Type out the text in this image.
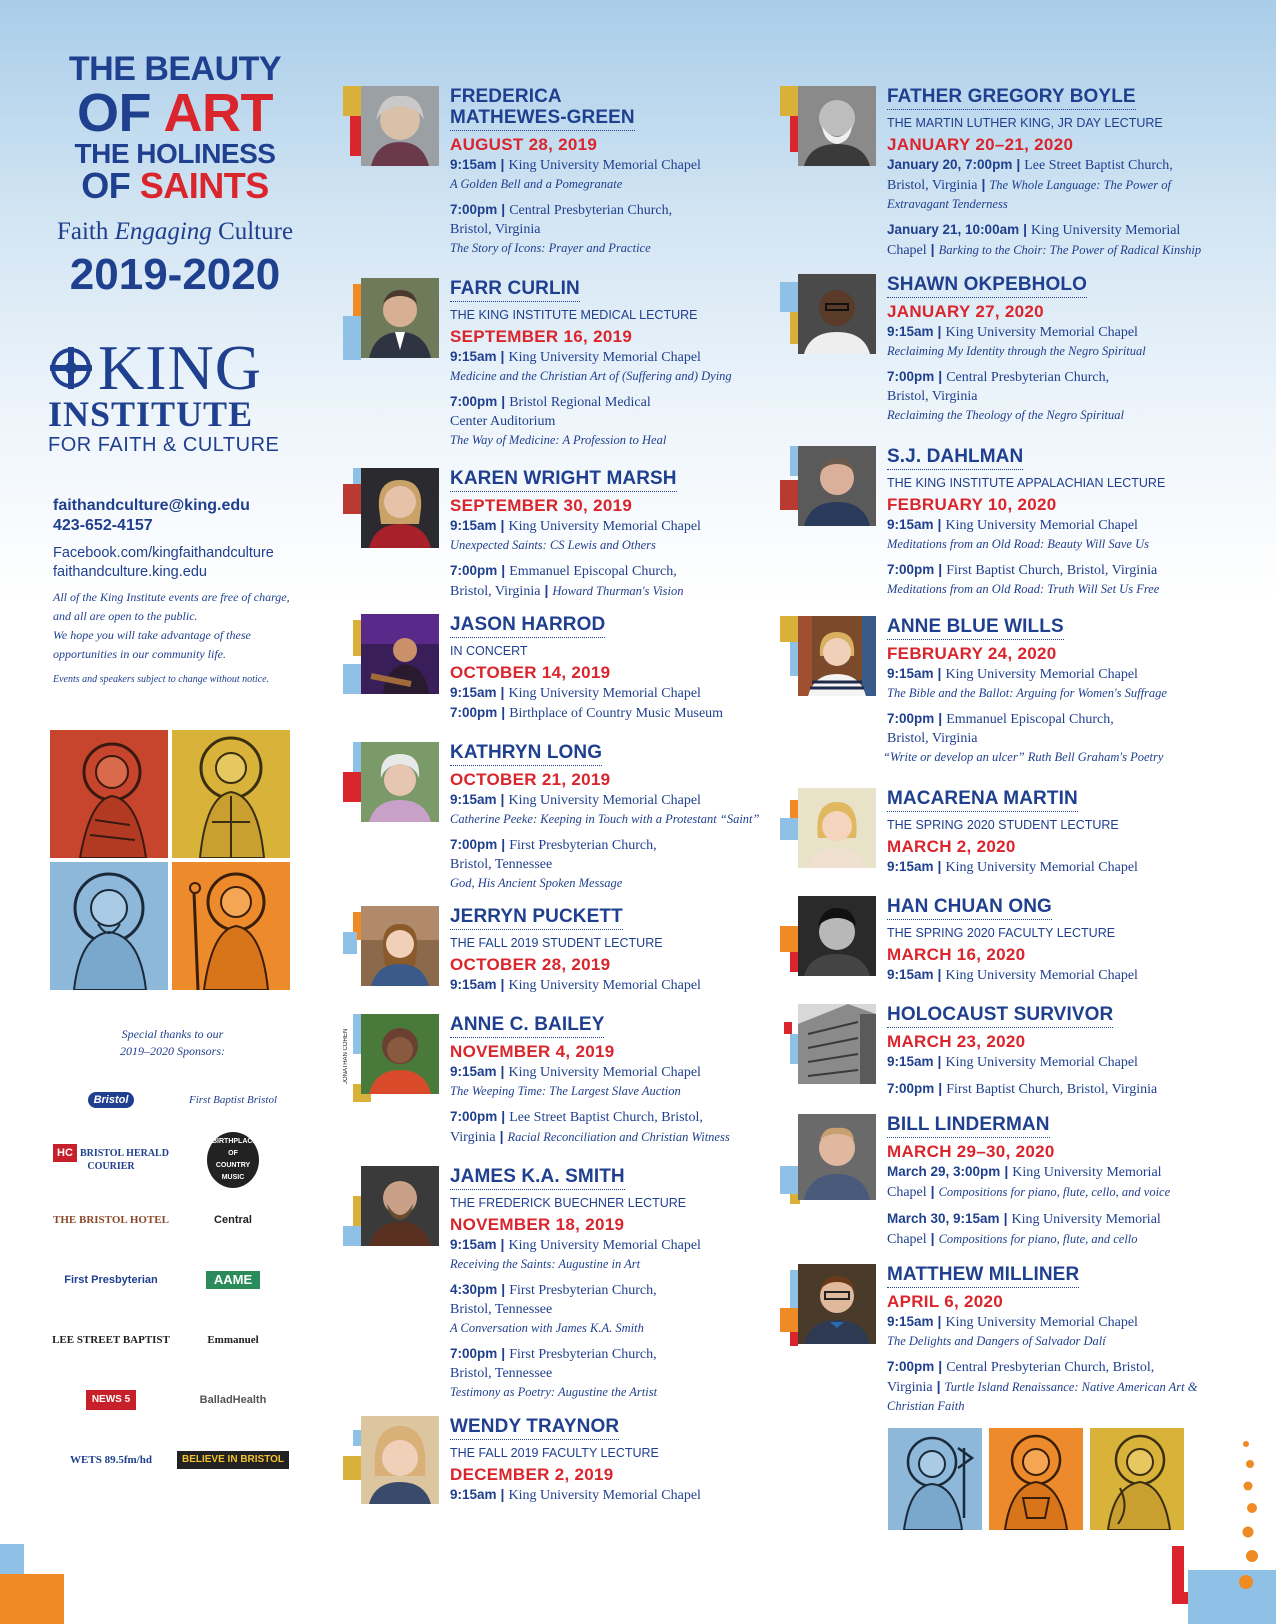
THE BEAUTY
OF ART
THE HOLINESS
OF SAINTS
Faith Engaging Culture
2019-2020
KING
INSTITUTE
FOR FAITH & CULTURE
faithandculture@king.edu
423-652-4157
Facebook.com/kingfaithandculture
faithandculture.king.edu
All of the King Institute events are free of charge,
and all are open to the public.
We hope you will take advantage of these
opportunities in our community life.
Events and speakers subject to change without notice.
Special thanks to our
2019–2020 Sponsors:
Bristol	First Baptist Bristol
HC BRISTOL HERALD COURIER
BIRTHPLACE OF COUNTRY MUSIC
THE BRISTOL HOTEL	Central
First Presbyterian	AAME
LEE STREET BAPTIST	Emmanuel
NEWS 5	BalladHealth
WETS 89.5fm/hd	BELIEVE IN BRISTOL
FREDERICA
MATHEWES-GREEN
AUGUST 28, 2019
9:15am | King University Memorial Chapel
A Golden Bell and a Pomegranate
7:00pm | Central Presbyterian Church,
Bristol, Virginia
The Story of Icons: Prayer and Practice
FARR CURLIN
THE KING INSTITUTE MEDICAL LECTURE
SEPTEMBER 16, 2019
9:15am | King University Memorial Chapel
Medicine and the Christian Art of (Suffering and) Dying
7:00pm | Bristol Regional Medical
Center Auditorium
The Way of Medicine: A Profession to Heal
KAREN WRIGHT MARSH
SEPTEMBER 30, 2019
9:15am | King University Memorial Chapel
Unexpected Saints: CS Lewis and Others
7:00pm | Emmanuel Episcopal Church,
Bristol, Virginia | Howard Thurman's Vision
JASON HARROD
IN CONCERT
OCTOBER 14, 2019
9:15am | King University Memorial Chapel
7:00pm | Birthplace of Country Music Museum
KATHRYN LONG
OCTOBER 21, 2019
9:15am | King University Memorial Chapel
Catherine Peeke: Keeping in Touch with a Protestant “Saint”
7:00pm | First Presbyterian Church,
Bristol, Tennessee
God, His Ancient Spoken Message
JERRYN PUCKETT
THE FALL 2019 STUDENT LECTURE
OCTOBER 28, 2019
9:15am | King University Memorial Chapel
JONATHAN COHEN
ANNE C. BAILEY
NOVEMBER 4, 2019
9:15am | King University Memorial Chapel
The Weeping Time: The Largest Slave Auction
7:00pm | Lee Street Baptist Church, Bristol,
Virginia | Racial Reconciliation and Christian Witness
JAMES K.A. SMITH
THE FREDERICK BUECHNER LECTURE
NOVEMBER 18, 2019
9:15am | King University Memorial Chapel
Receiving the Saints: Augustine in Art
4:30pm | First Presbyterian Church,
Bristol, Tennessee
A Conversation with James K.A. Smith
7:00pm | First Presbyterian Church,
Bristol, Tennessee
Testimony as Poetry: Augustine the Artist
WENDY TRAYNOR
THE FALL 2019 FACULTY LECTURE
DECEMBER 2, 2019
9:15am | King University Memorial Chapel
FATHER GREGORY BOYLE
THE MARTIN LUTHER KING, JR DAY LECTURE
JANUARY 20–21, 2020
January 20, 7:00pm | Lee Street Baptist Church,
Bristol, Virginia | The Whole Language: The Power of
Extravagant Tenderness
January 21, 10:00am | King University Memorial
Chapel | Barking to the Choir: The Power of Radical Kinship
SHAWN OKPEBHOLO
JANUARY 27, 2020
9:15am | King University Memorial Chapel
Reclaiming My Identity through the Negro Spiritual
7:00pm | Central Presbyterian Church,
Bristol, Virginia
Reclaiming the Theology of the Negro Spiritual
S.J. DAHLMAN
THE KING INSTITUTE APPALACHIAN LECTURE
FEBRUARY 10, 2020
9:15am | King University Memorial Chapel
Meditations from an Old Road: Beauty Will Save Us
7:00pm | First Baptist Church, Bristol, Virginia
Meditations from an Old Road: Truth Will Set Us Free
ANNE BLUE WILLS
FEBRUARY 24, 2020
9:15am | King University Memorial Chapel
The Bible and the Ballot: Arguing for Women's Suffrage
7:00pm | Emmanuel Episcopal Church,
Bristol, Virginia
“Write or develop an ulcer” Ruth Bell Graham's Poetry
MACARENA MARTIN
THE SPRING 2020 STUDENT LECTURE
MARCH 2, 2020
9:15am | King University Memorial Chapel
HAN CHUAN ONG
THE SPRING 2020 FACULTY LECTURE
MARCH 16, 2020
9:15am | King University Memorial Chapel
HOLOCAUST SURVIVOR
MARCH 23, 2020
9:15am | King University Memorial Chapel
7:00pm | First Baptist Church, Bristol, Virginia
BILL LINDERMAN
MARCH 29–30, 2020
March 29, 3:00pm | King University Memorial
Chapel | Compositions for piano, flute, cello, and voice
March 30, 9:15am | King University Memorial
Chapel | Compositions for piano, flute, and cello
MATTHEW MILLINER
APRIL 6, 2020
9:15am | King University Memorial Chapel
The Delights and Dangers of Salvador Dalí
7:00pm | Central Presbyterian Church, Bristol,
Virginia | Turtle Island Renaissance: Native American Art &
Christian Faith
